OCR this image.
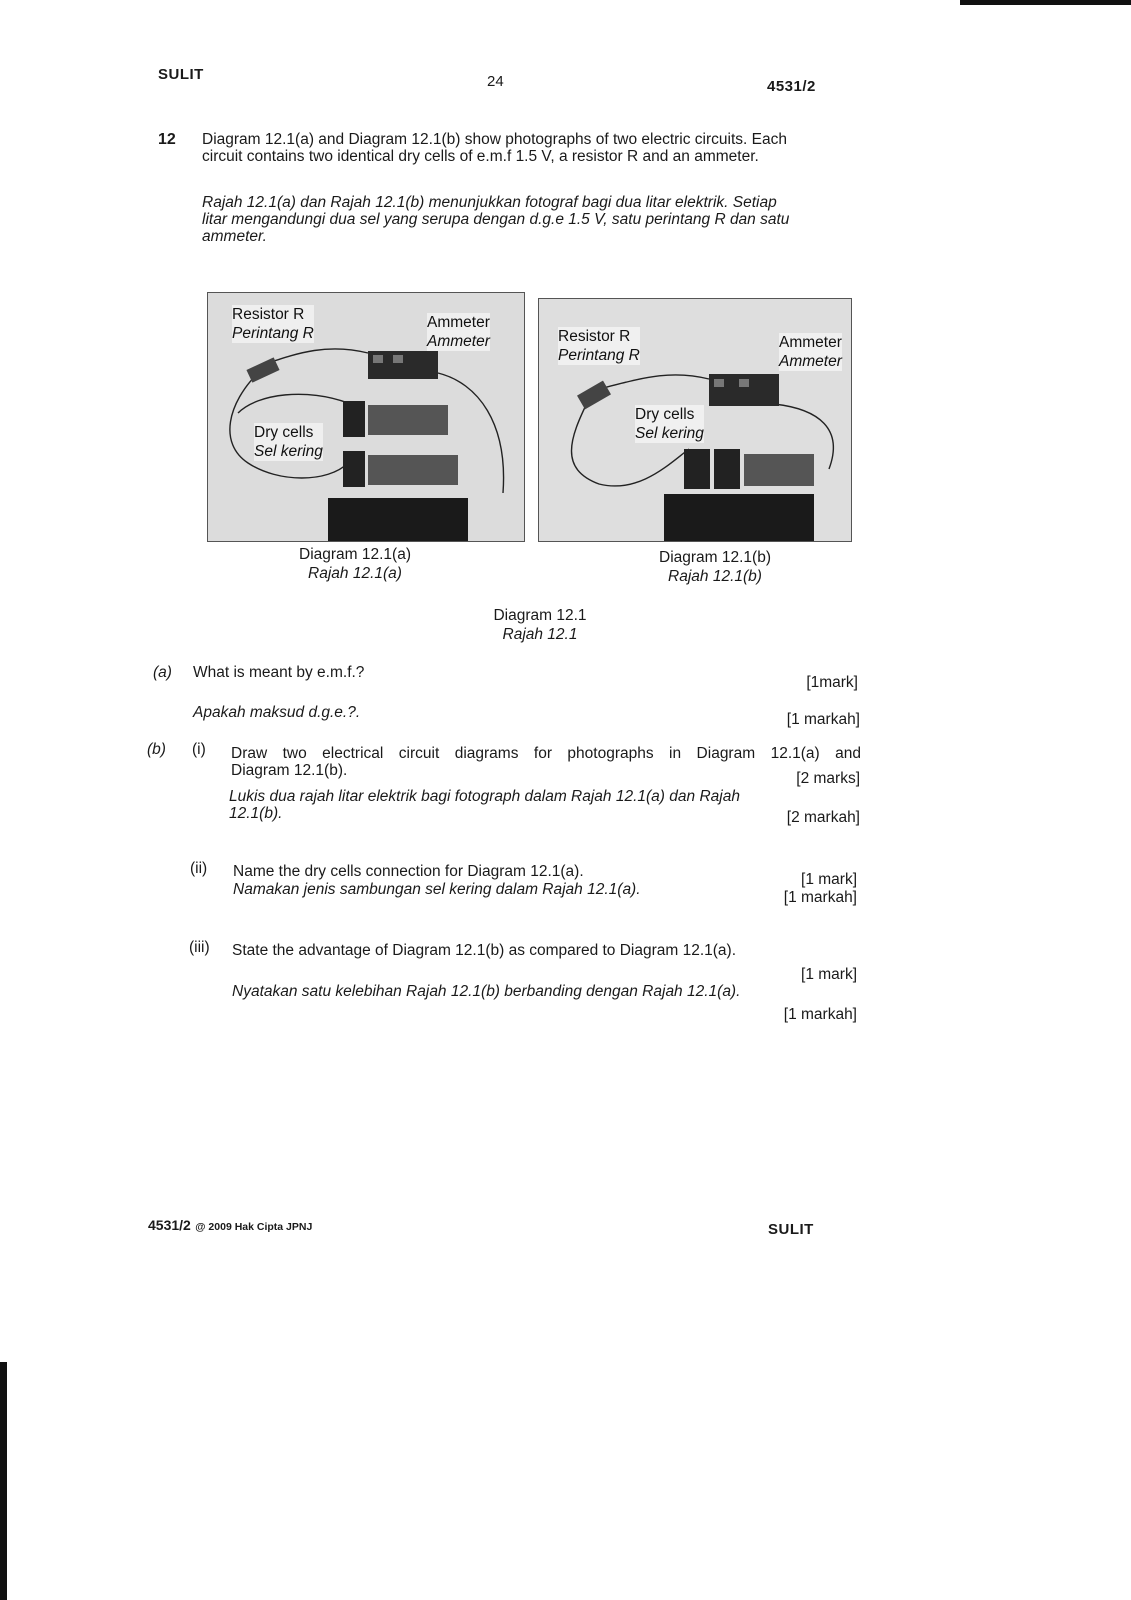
SULIT	24	4531/2
12 Diagram 12.1(a) and Diagram 12.1(b) show photographs of two electric circuits. Each
circuit contains two identical dry cells of e.m.f 1.5 V, a resistor R and an ammeter.
Rajah 12.1(a) dan Rajah 12.1(b) menunjukkan fotograf bagi dua litar elektrik. Setiap
litar mengandungi dua sel yang serupa dengan d.g.e 1.5 V, satu perintang R dan satu
ammeter.
Resistor R
Perintang R
Ammeter
Ammeter
Dry cells
Sel kering
Diagram 12.1(a)
Rajah 12.1(a)
Resistor R
Perintang R
Ammeter
Ammeter
Dry cells
Sel kering
Diagram 12.1(b)
Rajah 12.1(b)
Diagram 12.1
Rajah 12.1
(a) What is meant by e.m.f.?
[1mark]
Apakah maksud d.g.e.?.	[1 markah]
(b) (i) Draw two electrical circuit diagrams for photographs in Diagram 12.1(a) and
Diagram 12.1(b).	[2 marks]
Lukis dua rajah litar elektrik bagi fotograph dalam Rajah 12.1(a) dan Rajah
12.1(b).	[2 markah]
(ii) Name the dry cells connection for Diagram 12.1(a).	[1 mark]
Namakan jenis sambungan sel kering dalam Rajah 12.1(a).	[1 markah]
(iii) State the advantage of Diagram 12.1(b) as compared to Diagram 12.1(a).
[1 mark]
Nyatakan satu kelebihan Rajah 12.1(b) berbanding dengan Rajah 12.1(a).
[1 markah]
4531/2 @ 2009 Hak Cipta JPNJ	SULIT
